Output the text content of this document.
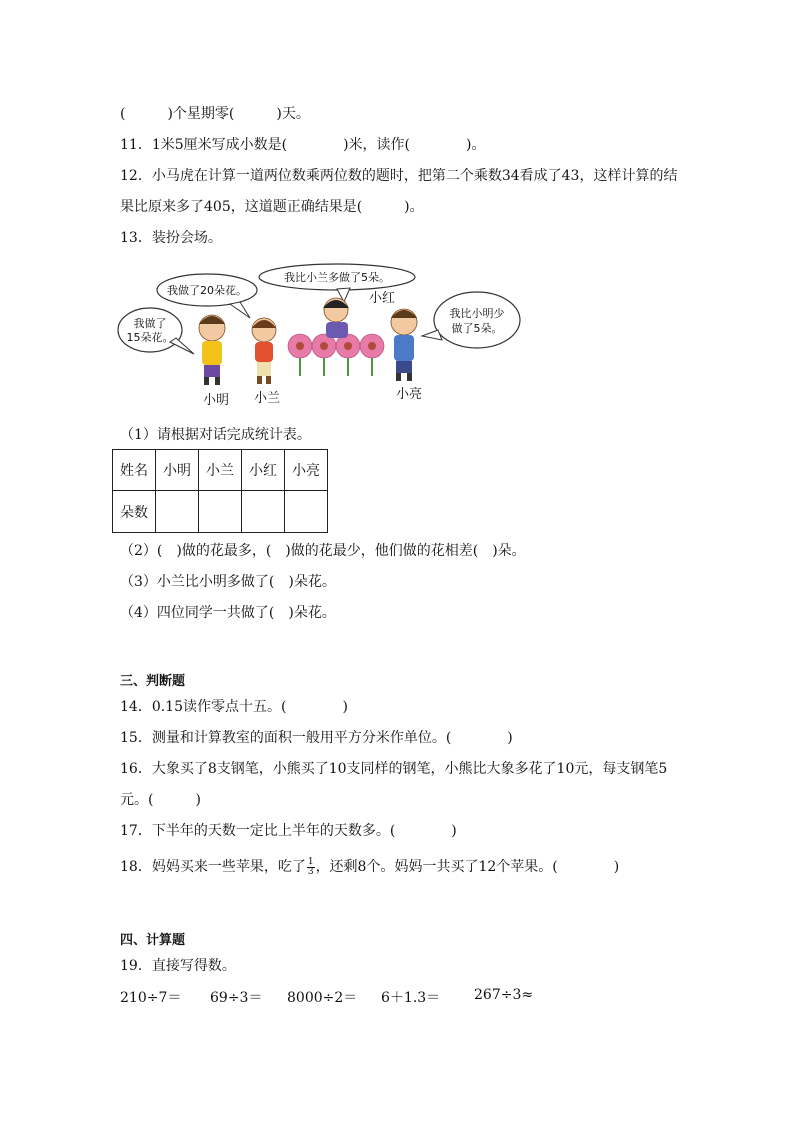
(　　　)个星期零(　　　)天。
11．1米5厘米写成小数是(　　　　)米，读作(　　　　)。
12．小马虎在计算一道两位数乘两位数的题时，把第二个乘数34看成了43，这样计算的结
果比原来多了405，这道题正确结果是(　　　)。
13．装扮会场。
我做了
15朵花。
我做了20朵花。
我比小兰多做了5朵。
我比小明少
做了5朵。
小明 小兰
小红
小亮
（1）请根据对话完成统计表。
姓名	小明	小兰	小红	小亮
朵数				
（2）(　)做的花最多，(　)做的花最少，他们做的花相差(　)朵。
（3）小兰比小明多做了(　)朵花。
（4）四位同学一共做了(　)朵花。
三、判断题
14．0.15读作零点十五。(　　　　)
15．测量和计算教室的面积一般用平方分米作单位。(　　　　)
16．大象买了8支钢笔，小熊买了10支同样的钢笔，小熊比大象多花了10元，每支钢笔5
元。(　　　)
17．下半年的天数一定比上半年的天数多。(　　　　)
18．妈妈买来一些苹果，吃了 $\frac{1}{3}$ ，还剩8个。妈妈一共买了12个苹果。(　　　　)
四、计算题
19．直接写得数。
210÷7＝ 69÷3＝ 8000÷2＝ 6＋1.3＝ 267÷3≈
